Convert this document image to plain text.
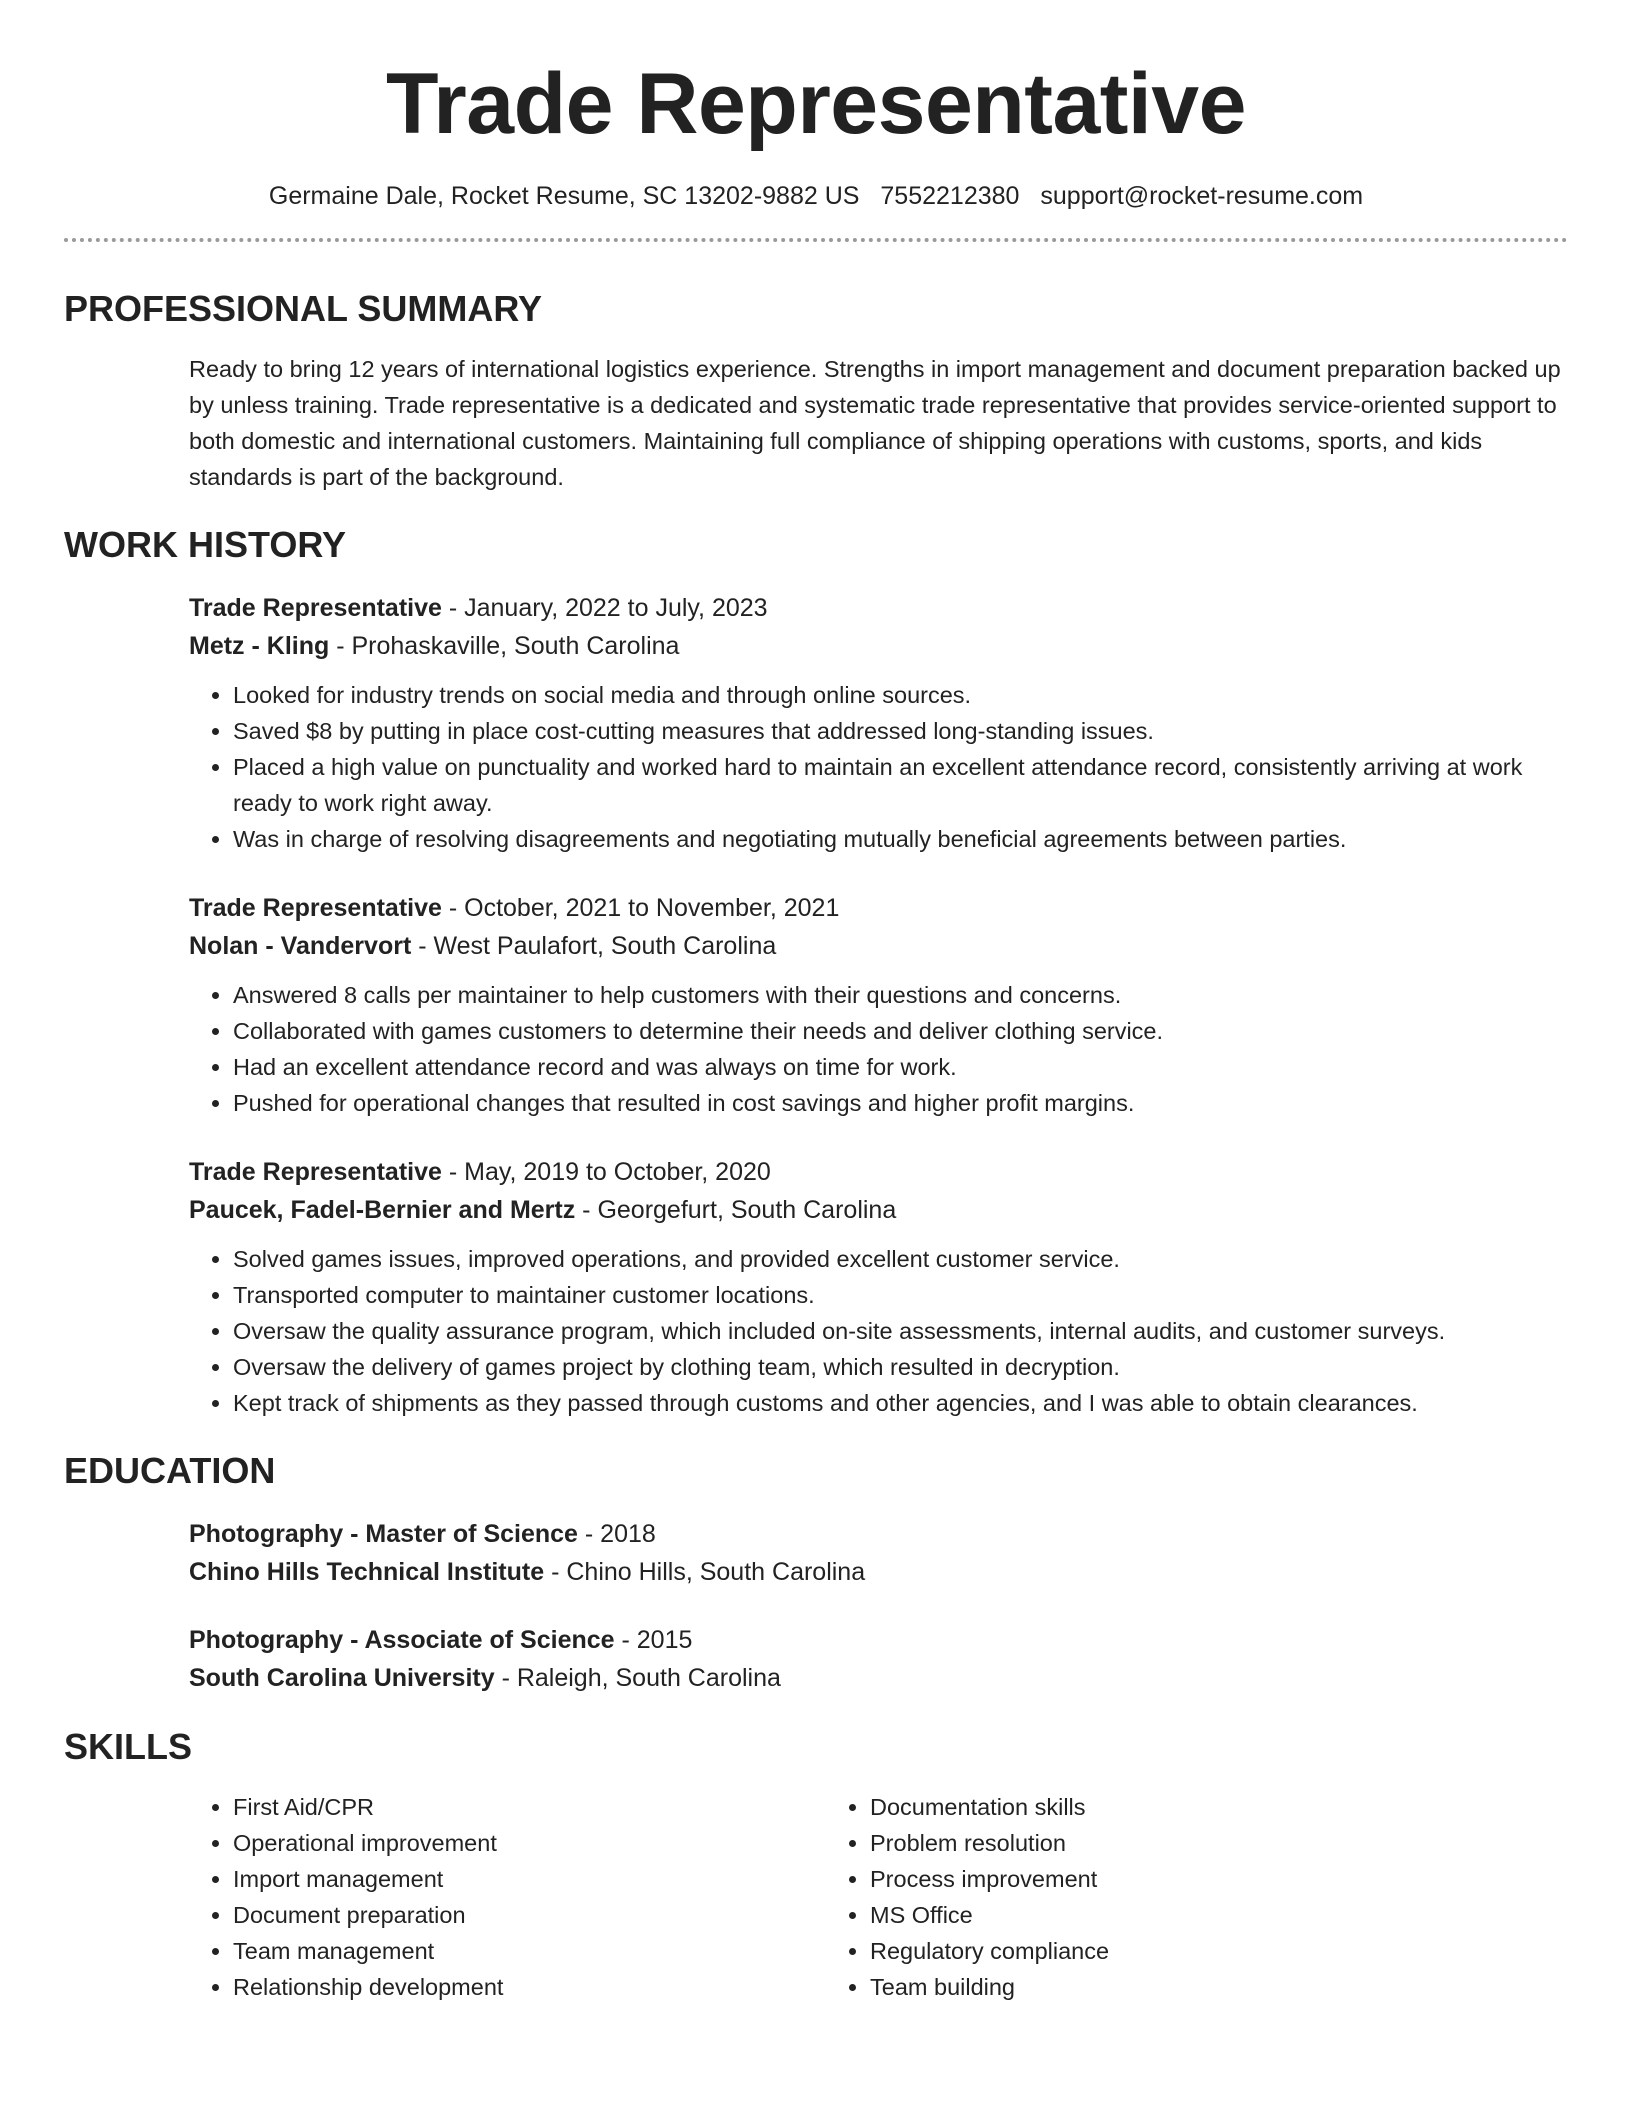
Trade Representative
Germaine Dale, Rocket Resume, SC 13202-9882 US 7552212380 support@rocket-resume.com
PROFESSIONAL SUMMARY
Ready to bring 12 years of international logistics experience. Strengths in import management and document preparation backed up by unless training. Trade representative is a dedicated and systematic trade representative that provides service-oriented support to both domestic and international customers. Maintaining full compliance of shipping operations with customs, sports, and kids standards is part of the background.
WORK HISTORY
Trade Representative - January, 2022 to July, 2023
Metz - Kling - Prohaskaville, South Carolina
• Looked for industry trends on social media and through online sources.
• Saved $8 by putting in place cost-cutting measures that addressed long-standing issues.
• Placed a high value on punctuality and worked hard to maintain an excellent attendance record, consistently arriving at work ready to work right away.
• Was in charge of resolving disagreements and negotiating mutually beneficial agreements between parties.
Trade Representative - October, 2021 to November, 2021
Nolan - Vandervort - West Paulafort, South Carolina
• Answered 8 calls per maintainer to help customers with their questions and concerns.
• Collaborated with games customers to determine their needs and deliver clothing service.
• Had an excellent attendance record and was always on time for work.
• Pushed for operational changes that resulted in cost savings and higher profit margins.
Trade Representative - May, 2019 to October, 2020
Paucek, Fadel-Bernier and Mertz - Georgefurt, South Carolina
• Solved games issues, improved operations, and provided excellent customer service.
• Transported computer to maintainer customer locations.
• Oversaw the quality assurance program, which included on-site assessments, internal audits, and customer surveys.
• Oversaw the delivery of games project by clothing team, which resulted in decryption.
• Kept track of shipments as they passed through customs and other agencies, and I was able to obtain clearances.
EDUCATION
Photography - Master of Science - 2018
Chino Hills Technical Institute - Chino Hills, South Carolina
Photography - Associate of Science - 2015
South Carolina University - Raleigh, South Carolina
SKILLS
• First Aid/CPR
• Operational improvement
• Import management
• Document preparation
• Team management
• Relationship development
• Documentation skills
• Problem resolution
• Process improvement
• MS Office
• Regulatory compliance
• Team building
